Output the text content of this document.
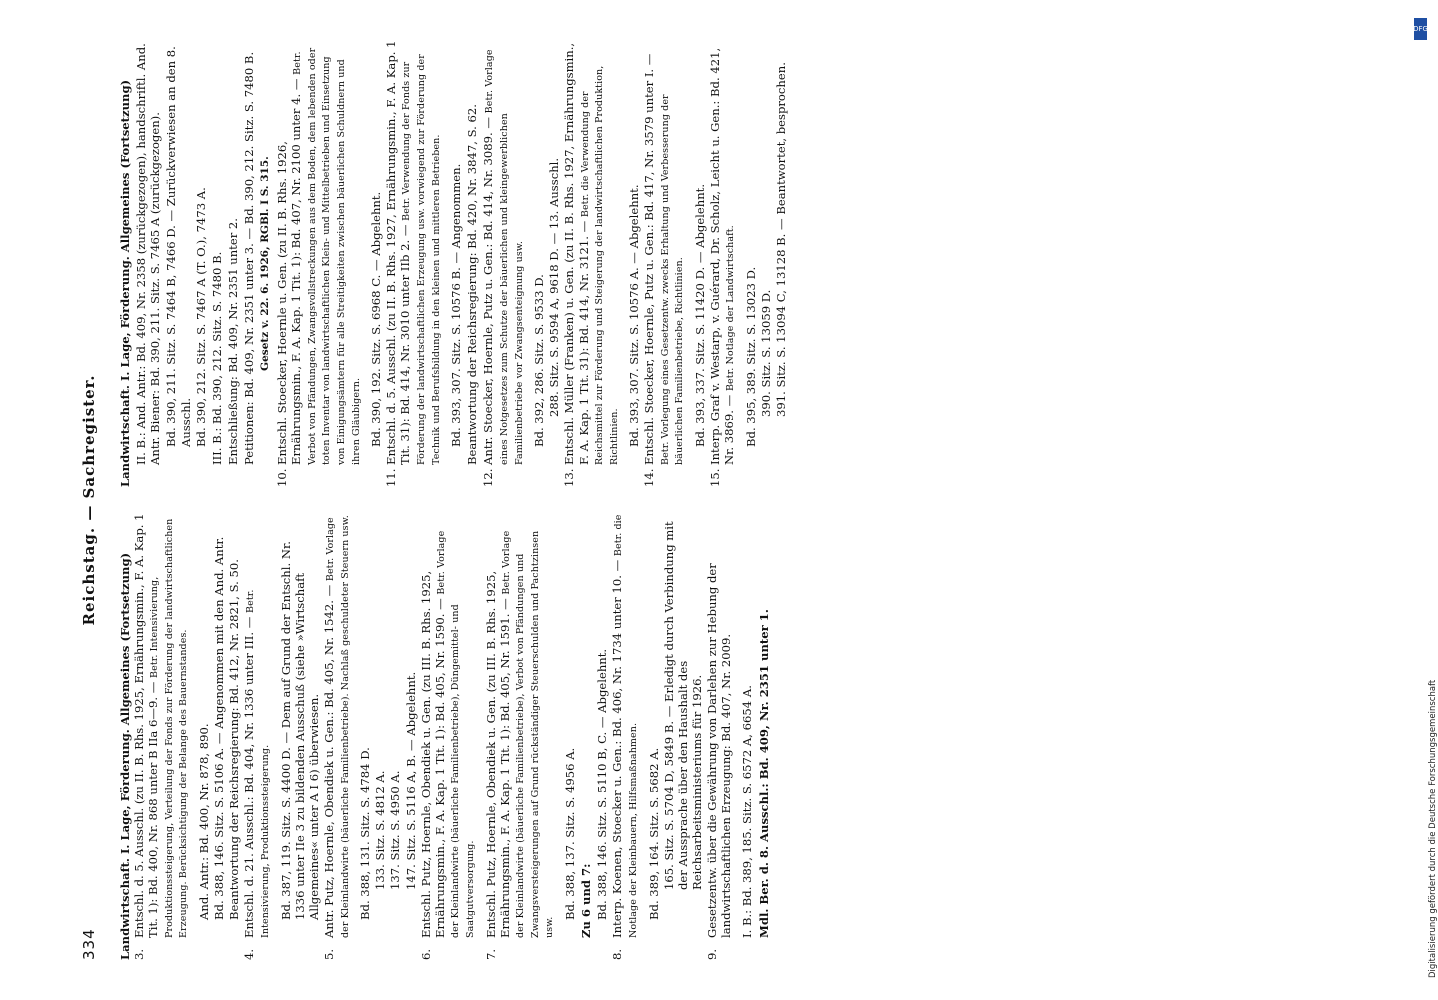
334
Reichstag. — Sachregister.
Landwirtschaft. I. Lage, Förderung. Allgemeines (Fortsetzung) 3.Entschl. d. 5. Ausschl. (zu II. B. Rhs. 1925, Ernährungsmin., F. A. Kap. 1 Tit. 1): Bd. 400, Nr. 868 unter B IIa 6—9. — Betr. Intensivierung, Produktionssteigerung, Verteilung der Fonds zur Förderung der landwirtschaftlichen Erzeugung. Berücksichtigung der Belange des Bauernstandes. And. Antr.: Bd. 400, Nr. 878, 890. Bd. 388, 146. Sitz. S. 5106 A. — Angenommen mit den And. Antr. Beantwortung der Reichsregierung: Bd. 412, Nr. 2821, S. 50.
4.Entschl. d. 21. Ausschl.: Bd. 404, Nr. 1336 unter III. — Betr. Intensivierung, Produktionssteigerung. Bd. 387, 119. Sitz. S. 4400 D. — Dem auf Grund der Entschl. Nr. 1336 unter IIe 3 zu bildenden Ausschuß (siehe »Wirtschaft Allgemeines« unter A I 6) überwiesen.
5.Antr. Putz, Hoernle, Obendiek u. Gen.: Bd. 405, Nr. 1542. — Betr. Vorlage der Kleinlandwirte (bäuerliche Familienbetriebe). Nachlaß geschuldeter Steuern usw. Bd. 388, 131. Sitz. S. 4784 D. 133. Sitz. S. 4812 A. 137. Sitz. S. 4950 A. 147. Sitz. S. 5116 A, B. — Abgelehnt.
6.Entschl. Putz, Hoernle, Obendiek u. Gen. (zu III. B. Rhs. 1925, Ernährungsmin., F. A. Kap. 1 Tit. 1): Bd. 405, Nr. 1590. — Betr. Vorlage der Kleinlandwirte (bäuerliche Familienbetriebe), Düngemittel- und Saatgutversorgung.
7.Entschl. Putz, Hoernle, Obendiek u. Gen. (zu III. B. Rhs. 1925, Ernährungsmin., F. A. Kap. 1 Tit. 1): Bd. 405, Nr. 1591. — Betr. Vorlage der Kleinlandwirte (bäuerliche Familienbetriebe), Verbot von Pfändungen und Zwangsversteigerungen auf Grund rückständiger Steuerschulden und Pachtzinsen usw.
Bd. 388, 137. Sitz. S. 4956 A. Zu 6 und 7: Bd. 388, 146. Sitz. S. 5110 B, C. — Abgelehnt.
8.Interp. Koenen, Stoecker u. Gen.: Bd. 406, Nr. 1734 unter 10. — Betr. die Notlage der Kleinbauern, Hilfsmaßnahmen. Bd. 389, 164. Sitz. S. 5682 A. 165. Sitz. S. 5704 D, 5849 B. — Erledigt durch Verbindung mit der Aussprache über den Haushalt des Reichsarbeitsministeriums für 1926.
9.Gesetzentw. über die Gewährung von Darlehen zur Hebung der landwirtschaftlichen Erzeugung: Bd. 407, Nr. 2009. I. B.: Bd. 389, 185. Sitz. S. 6572 A, 6654 A. Mdl. Ber. d. 8. Ausschl.: Bd. 409, Nr. 2351 unter 1.
Landwirtschaft. I. Lage, Förderung. Allgemeines (Fortsetzung) II. B.: And. Antr.: Bd. 409, Nr. 2358 (zurückgezogen), handschriftl. And. Antr. Biener: Bd. 390, 211. Sitz. S. 7465 A (zurückgezogen). Bd. 390, 211. Sitz. S. 7464 B, 7466 D. — Zurückverwiesen an den 8. Ausschl. Bd. 390, 212. Sitz. S. 7467 A (T. O.), 7473 A. III. B.: Bd. 390, 212. Sitz. S. 7480 B. Entschließung: Bd. 409, Nr. 2351 unter 2. Petitionen: Bd. 409, Nr. 2351 unter 3. — Bd. 390, 212. Sitz. S. 7480 B. Gesetz v. 22. 6. 1926, RGBl. I S. 315.
10.Entschl. Stoecker, Hoernle u. Gen. (zu II. B. Rhs. 1926, Ernährungsmin., F. A. Kap. 1 Tit. 1): Bd. 407, Nr. 2100 unter 4. — Betr. Verbot von Pfändungen, Zwangsvollstreckungen aus dem Boden, dem lebenden oder toten Inventar von landwirtschaftlichen Klein- und Mittelbetrieben und Einsetzung von Einigungsämtern für alle Streitigkeiten zwischen bäuerlichen Schuldnern und ihren Gläubigern. Bd. 390, 192. Sitz. S. 6968 C. — Abgelehnt.
11.Entschl. d. 5. Ausschl. (zu II. B. Rhs. 1927, Ernährungsmin., F. A. Kap. 1 Tit. 31): Bd. 414, Nr. 3010 unter IIb 2. — Betr. Verwendung der Fonds zur Förderung der landwirtschaftlichen Erzeugung usw. vorwiegend zur Förderung der Technik und Berufsbildung in den kleinen und mittleren Betrieben. Bd. 393, 307. Sitz. S. 10576 B. — Angenommen. Beantwortung der Reichsregierung: Bd. 420, Nr. 3847, S. 62.
12.Antr. Stoecker, Hoernle, Putz u. Gen.: Bd. 414, Nr. 3089. — Betr. Vorlage eines Notgesetzes zum Schutze der bäuerlichen und kleingewerblichen Familienbetriebe vor Zwangsenteignung usw. Bd. 392, 286. Sitz. S. 9533 D. 288. Sitz. S. 9594 A, 9618 D. — 13. Ausschl.
13.Entschl. Müller (Franken) u. Gen. (zu II. B. Rhs. 1927, Ernährungsmin., F. A. Kap. 1 Tit. 31): Bd. 414, Nr. 3121. — Betr. die Verwendung der Reichsmittel zur Förderung und Steigerung der landwirtschaftlichen Produktion, Richtlinien. Bd. 393, 307. Sitz. S. 10576 A. — Abgelehnt.
14.Entschl. Stoecker, Hoernle, Putz u. Gen.: Bd. 417, Nr. 3579 unter I. — Betr. Vorlegung eines Gesetzentw. zwecks Erhaltung und Verbesserung der bäuerlichen Familienbetriebe, Richtlinien. Bd. 393, 337. Sitz. S. 11420 D. — Abgelehnt.
15.Interp. Graf v. Westarp, v. Guérard, Dr. Scholz, Leicht u. Gen.: Bd. 421, Nr. 3869. — Betr. Notlage der Landwirtschaft. Bd. 395, 389. Sitz. S. 13023 D. 390. Sitz. S. 13059 D. 391. Sitz. S. 13094 C, 13128 B. — Beantwortet, besprochen.
DFG
Digitalisierung gefördert durch die Deutsche Forschungsgemeinschaft
